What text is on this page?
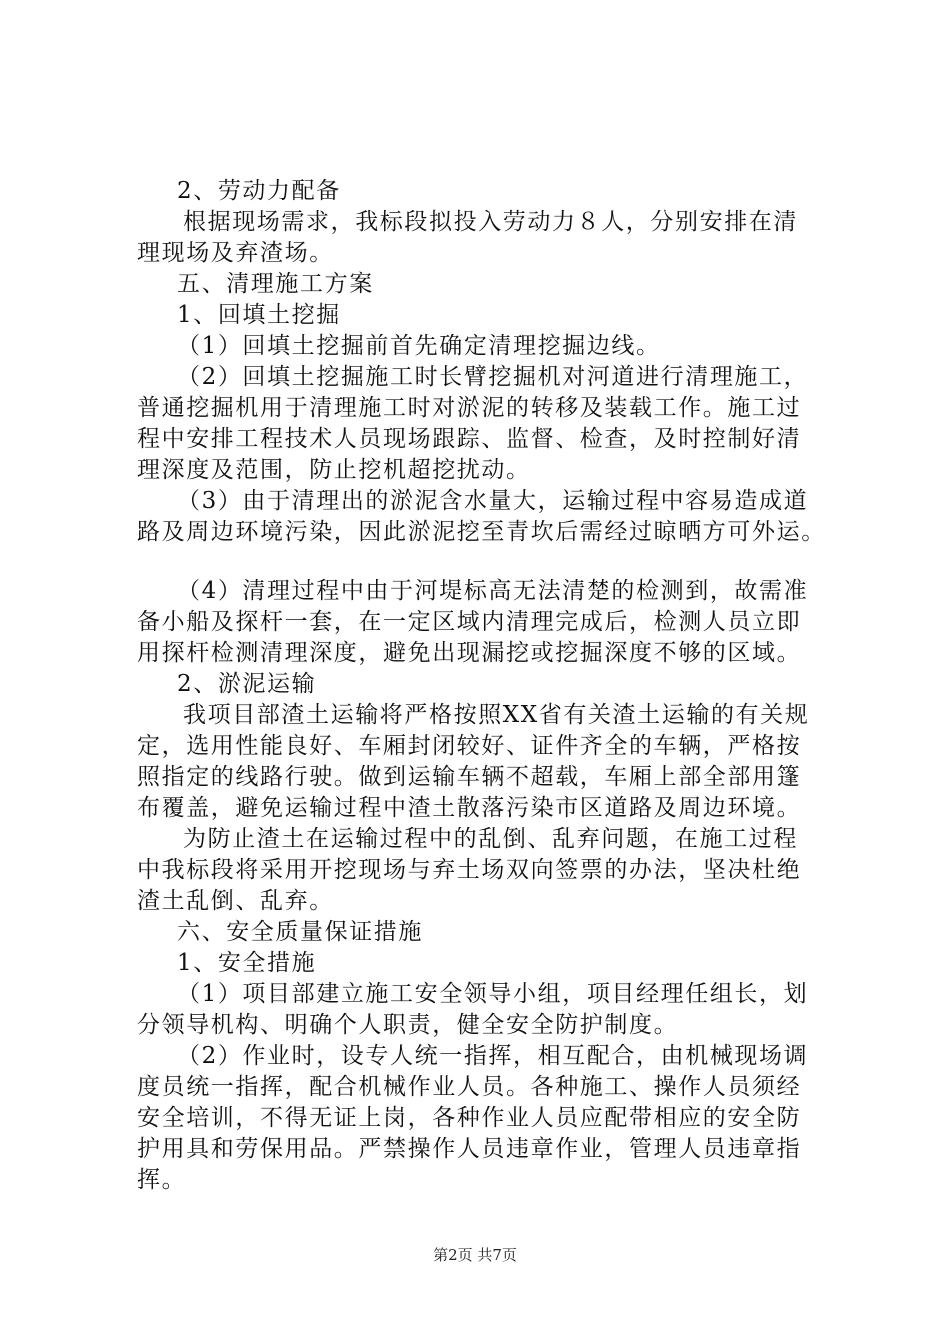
2、劳动力配备
根据现场需求，我标段拟投入劳动力８人，分别安排在清
理现场及弃渣场。
五、清理施工方案
1、回填土挖掘
（1）回填土挖掘前首先确定清理挖掘边线。
（2）回填土挖掘施工时长臂挖掘机对河道进行清理施工，
普通挖掘机用于清理施工时对淤泥的转移及装载工作。施工过
程中安排工程技术人员现场跟踪、监督、检查，及时控制好清
理深度及范围，防止挖机超挖扰动。
（3）由于清理出的淤泥含水量大，运输过程中容易造成道
路及周边环境污染，因此淤泥挖至青坎后需经过晾晒方可外运。
（4）清理过程中由于河堤标高无法清楚的检测到，故需准
备小船及探杆一套，在一定区域内清理完成后，检测人员立即
用探杆检测清理深度，避免出现漏挖或挖掘深度不够的区域。
2、淤泥运输
我项目部渣土运输将严格按照XX省有关渣土运输的有关规
定，选用性能良好、车厢封闭较好、证件齐全的车辆，严格按
照指定的线路行驶。做到运输车辆不超载，车厢上部全部用篷
布覆盖，避免运输过程中渣土散落污染市区道路及周边环境。
为防止渣土在运输过程中的乱倒、乱弃问题，在施工过程
中我标段将采用开挖现场与弃土场双向签票的办法，坚决杜绝
渣土乱倒、乱弃。
六、安全质量保证措施
1、安全措施
（1）项目部建立施工安全领导小组，项目经理任组长，划
分领导机构、明确个人职责，健全安全防护制度。
（2）作业时，设专人统一指挥，相互配合，由机械现场调
度员统一指挥，配合机械作业人员。各种施工、操作人员须经
安全培训，不得无证上岗，各种作业人员应配带相应的安全防
护用具和劳保用品。严禁操作人员违章作业，管理人员违章指
挥。
第2页 共7页
